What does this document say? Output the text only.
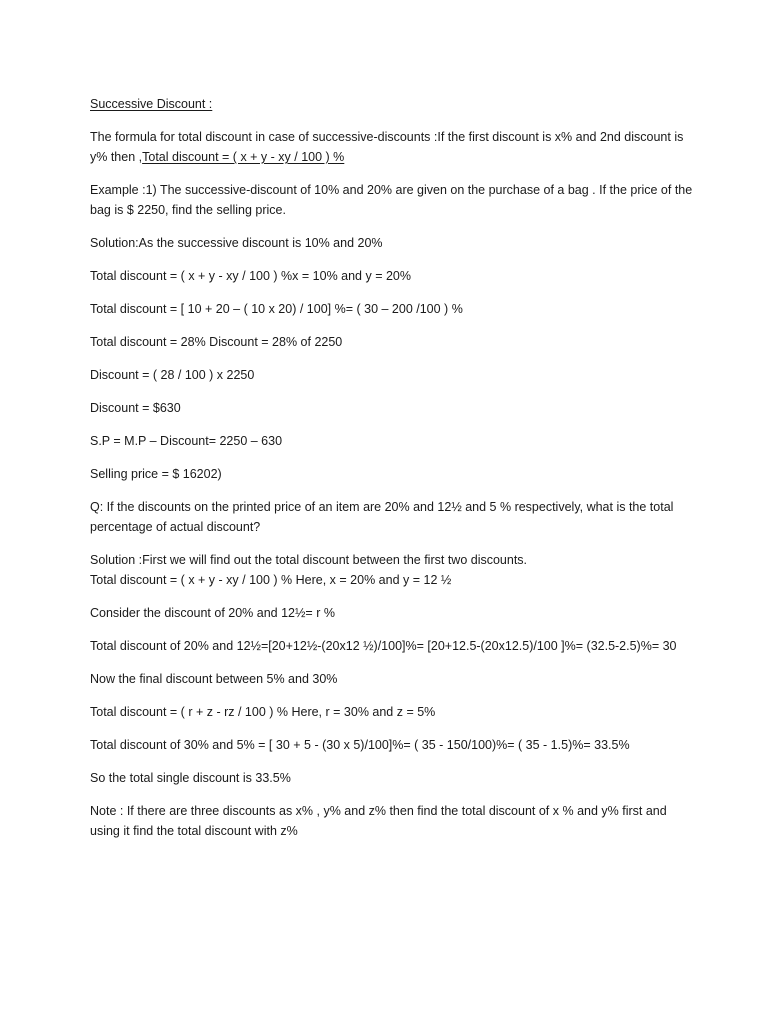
Successive Discount :

The formula for total discount in case of successive-discounts :If the first discount is x% and 2nd discount is y% then ,Total discount = ( x + y - xy / 100 ) %

Example :1) The successive-discount of 10% and 20% are given on the purchase of a bag . If the price of the bag is $ 2250, find the selling price.

Solution:As the successive discount is 10% and 20%

Total discount = ( x + y - xy / 100 ) %x = 10% and y = 20%

Total discount = [ 10 + 20 – ( 10 x 20) / 100] %= ( 30 – 200 /100 ) %

Total discount = 28% Discount = 28% of 2250

Discount = ( 28 / 100 ) x 2250

Discount = $630

S.P = M.P – Discount= 2250 – 630

Selling price = $ 16202)

Q: If the discounts on the printed price of an item are 20% and 12½ and 5 % respectively, what is the total percentage of actual discount?

Solution :First we will find out the total discount between the first two discounts.

Total discount = ( x + y - xy / 100 ) % Here, x = 20% and y = 12 ½

Consider the discount of 20% and 12½= r %

Total discount of 20% and 12½=[20+12½-(20x12 ½)/100]%= [20+12.5-(20x12.5)/100 ]%= (32.5-2.5)%= 30

Now the final discount between 5% and 30%

Total discount = ( r + z - rz / 100 ) % Here, r = 30% and z = 5%

Total discount of 30% and 5% = [ 30 + 5 - (30 x 5)/100]%= ( 35 - 150/100)%= ( 35 - 1.5)%= 33.5%

So the total single discount is 33.5%

Note : If there are three discounts as x% , y% and z% then find the total discount of x % and y% first and using it find the total discount with z%
